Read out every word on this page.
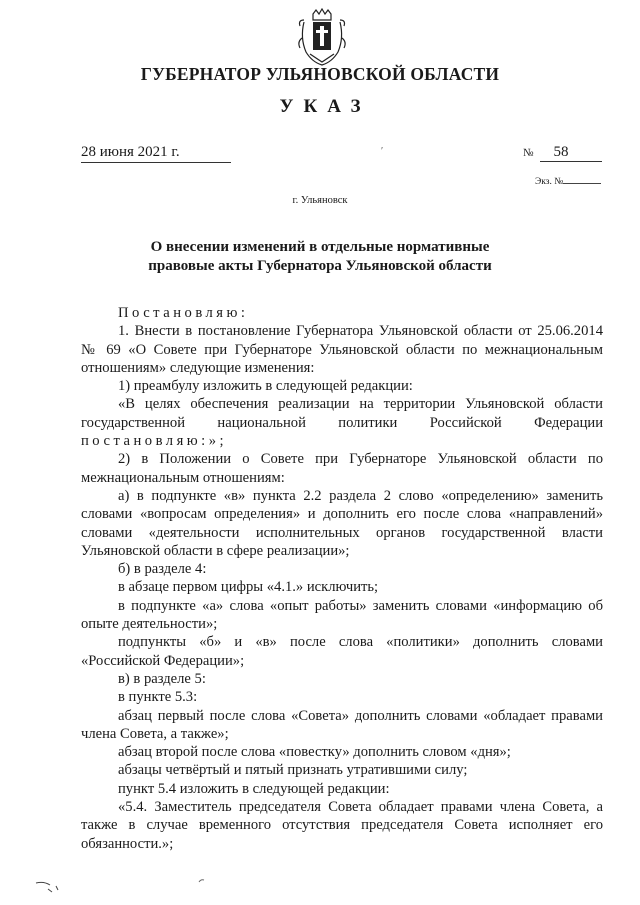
ГУБЕРНАТОР УЛЬЯНОВСКОЙ ОБЛАСТИ
УКАЗ
28 июня 2021 г.	ʹ	№ 58
Экз. №
г. Ульяновск
О внесении изменений в отдельные нормативные
правовые акты Губернатора Ульяновской области

Постановляю:

1. Внести в постановление Губернатора Ульяновской области от 25.06.2014 № 69 «О Совете при Губернаторе Ульяновской области по межнациональным отношениям» следующие изменения:

1) преамбулу изложить в следующей редакции:

«В целях обеспечения реализации на территории Ульяновской области государственной национальной политики Российской Федерации

постановляю:»;

2) в Положении о Совете при Губернаторе Ульяновской области по межнациональным отношениям:

а) в подпункте «в» пункта 2.2 раздела 2 слово «определению» заменить словами «вопросам определения» и дополнить его после слова «направлений» словами «деятельности исполнительных органов государственной власти Ульяновской области в сфере реализации»;

б) в разделе 4:

в абзаце первом цифры «4.1.» исключить;

в подпункте «а» слова «опыт работы» заменить словами «информацию об опыте деятельности»;

подпункты «б» и «в» после слова «политики» дополнить словами «Российской Федерации»;

в) в разделе 5:

в пункте 5.3:

абзац первый после слова «Совета» дополнить словами «обладает правами члена Совета, а также»;

абзац второй после слова «повестку» дополнить словом «дня»;

абзацы четвёртый и пятый признать утратившими силу;

пункт 5.4 изложить в следующей редакции:

«5.4. Заместитель председателя Совета обладает правами члена Совета, а также в случае временного отсутствия председателя Совета исполняет его обязанности.»;
